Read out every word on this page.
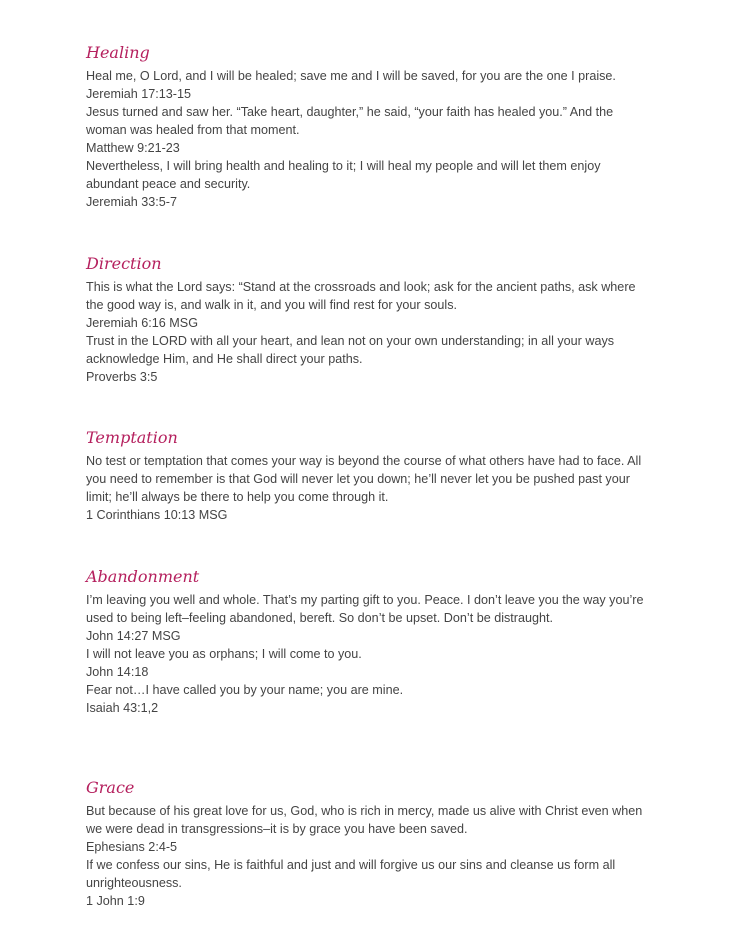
Healing
Heal me, O Lord, and I will be healed; save me and I will be saved, for you are the one I praise.
Jeremiah 17:13-15
Jesus turned and saw her. “Take heart, daughter,” he said, “your faith has healed you.” And the
woman was healed from that moment.
Matthew 9:21-23
Nevertheless, I will bring health and healing to it; I will heal my people and will let them enjoy
abundant peace and security.
Jeremiah 33:5-7
Direction
This is what the Lord says: “Stand at the crossroads and look; ask for the ancient paths, ask where
the good way is, and walk in it, and you will find rest for your souls.
Jeremiah 6:16 MSG
Trust in the LORD with all your heart, and lean not on your own understanding; in all your ways
acknowledge Him, and He shall direct your paths.
Proverbs 3:5
Temptation
No test or temptation that comes your way is beyond the course of what others have had to face. All
you need to remember is that God will never let you down; he’ll never let you be pushed past your
limit; he’ll always be there to help you come through it.
1 Corinthians 10:13 MSG
Abandonment
I’m leaving you well and whole. That’s my parting gift to you. Peace. I don’t leave you the way you’re
used to being left–feeling abandoned, bereft. So don’t be upset. Don’t be distraught.
John 14:27 MSG
I will not leave you as orphans; I will come to you.
John 14:18
Fear not…I have called you by your name; you are mine.
Isaiah 43:1,2
Grace
But because of his great love for us, God, who is rich in mercy, made us alive with Christ even when
we were dead in transgressions–it is by grace you have been saved.
Ephesians 2:4-5
If we confess our sins, He is faithful and just and will forgive us our sins and cleanse us form all
unrighteousness.
1 John 1:9
